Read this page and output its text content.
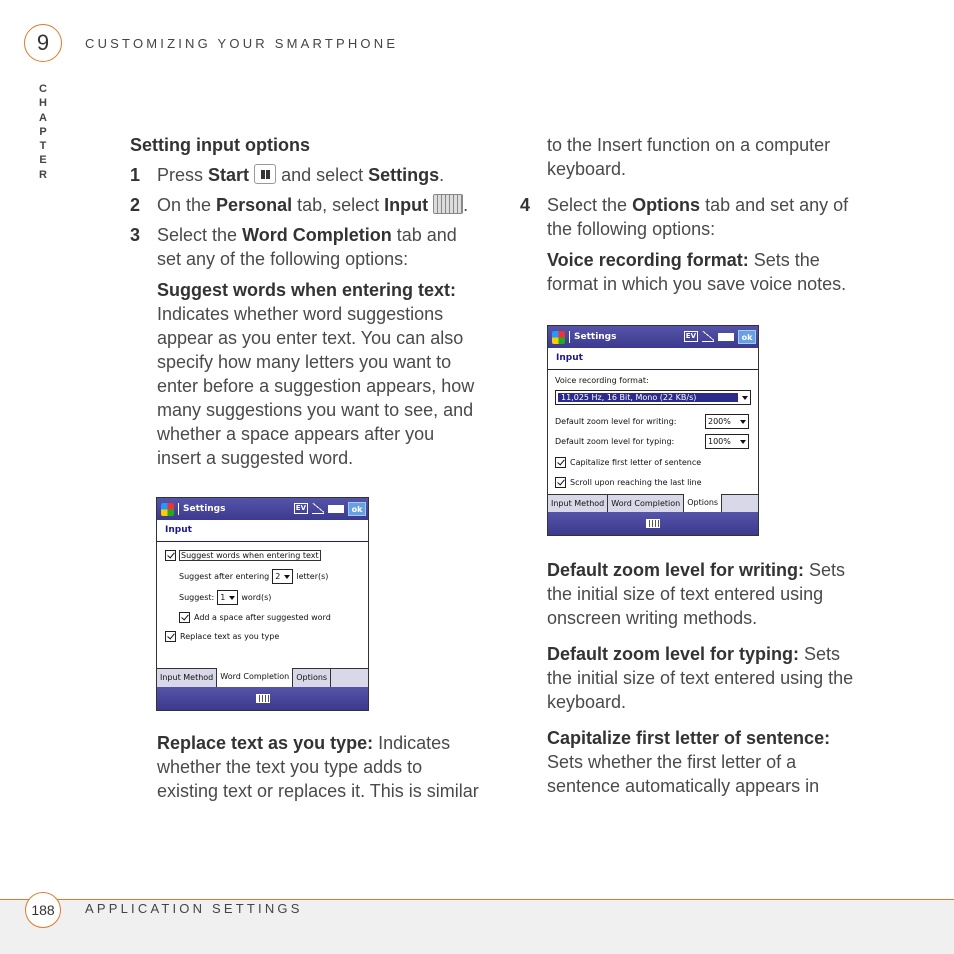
9
CHAPTER
CUSTOMIZING YOUR SMARTPHONE
Setting input options
1 Press Start
and select Settings.
2 On the Personal tab, select Input .
3 Select the Word Completion tab and
set any of the following options:
Suggest words when entering text:
Indicates whether word suggestions
appear as you enter text. You can also
specify how many letters you want to
enter before a suggestion appears, how
many suggestions you want to see, and
whether a space appears after you
insert a suggested word.
Replace text as you type: Indicates
whether the text you type adds to
existing text or replaces it. This is similar
Settings	EV	ok
Input
Suggest words when entering text
Suggest after entering 2 letter(s)
Suggest: 1 word(s)
Add a space after suggested word
Replace text as you type
Input Method Word Completion Options
to the Insert function on a computer
keyboard.
4 Select the Options tab and set any of
the following options:
Voice recording format: Sets the
format in which you save voice notes.
Default zoom level for writing: Sets
the initial size of text entered using
onscreen writing methods.
Default zoom level for typing: Sets
the initial size of text entered using the
keyboard.
Capitalize first letter of sentence:
Sets whether the first letter of a
sentence automatically appears in
Settings	EV	ok
Input
Voice recording format:
11,025 Hz, 16 Bit, Mono (22 KB/s)
Default zoom level for writing:	200%
Default zoom level for typing:	100%
Capitalize first letter of sentence
Scroll upon reaching the last line
Input Method Word Completion Options
188	APPLICATION SETTINGS
